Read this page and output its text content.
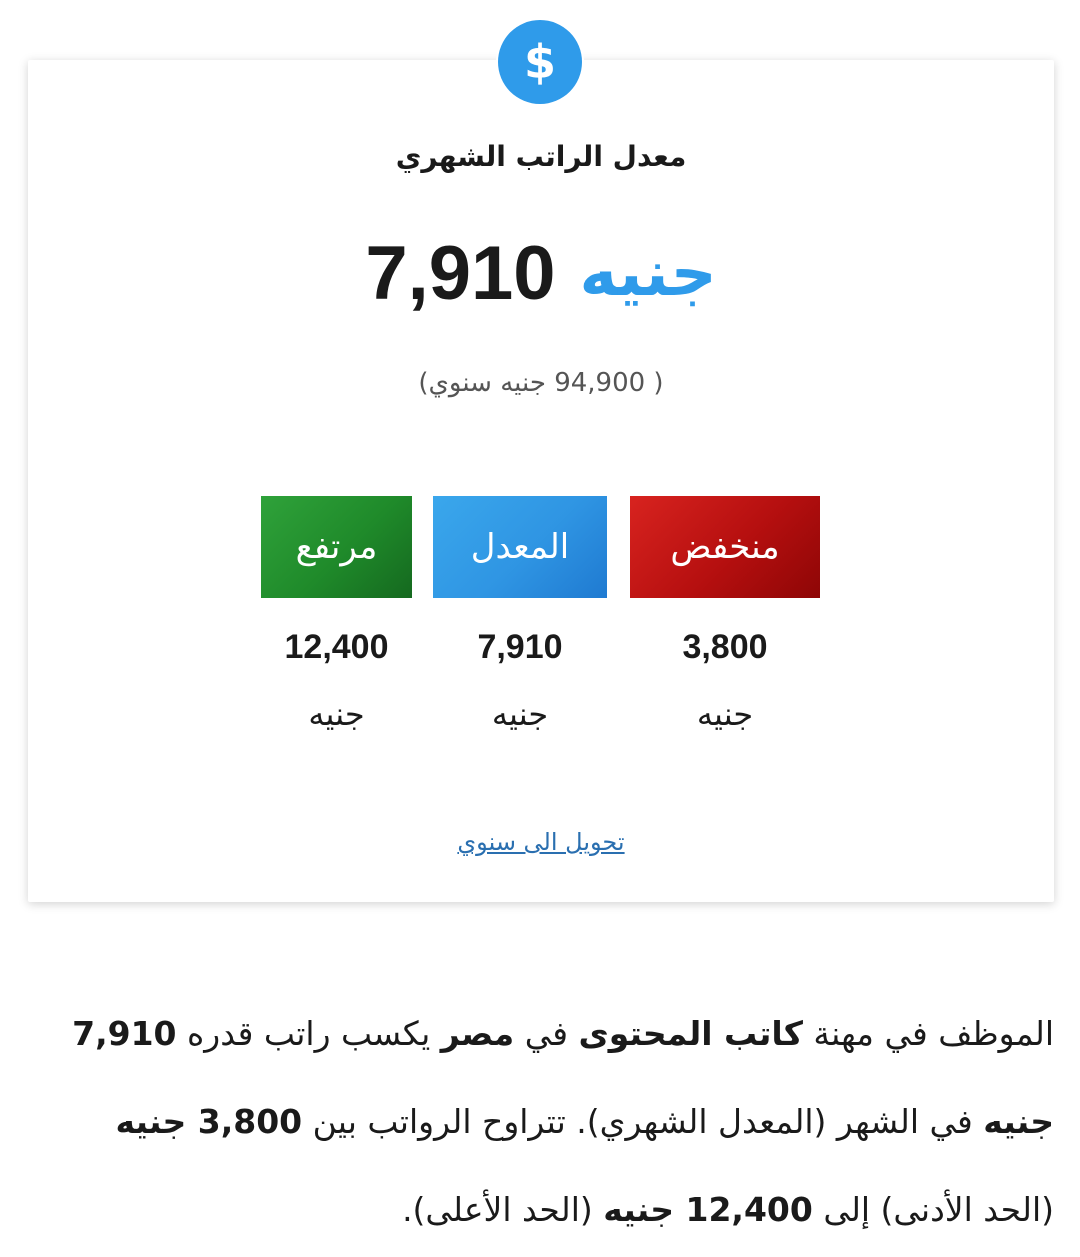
معدل الراتب الشهري
7,910 جنيه
( 94,900 جنيه سنوي)
منخفض
3,800
جنيه
المعدل
7,910
جنيه
مرتفع
12,400
جنيه
تحويل الى سنوي
$
الموظف في مهنة كاتب المحتوى في مصر يكسب راتب قدره 7,910 جنيه في الشهر (المعدل الشهري). تتراوح الرواتب بين 3,800 جنيه (الحد الأدنى) إلى 12,400 جنيه (الحد الأعلى).
